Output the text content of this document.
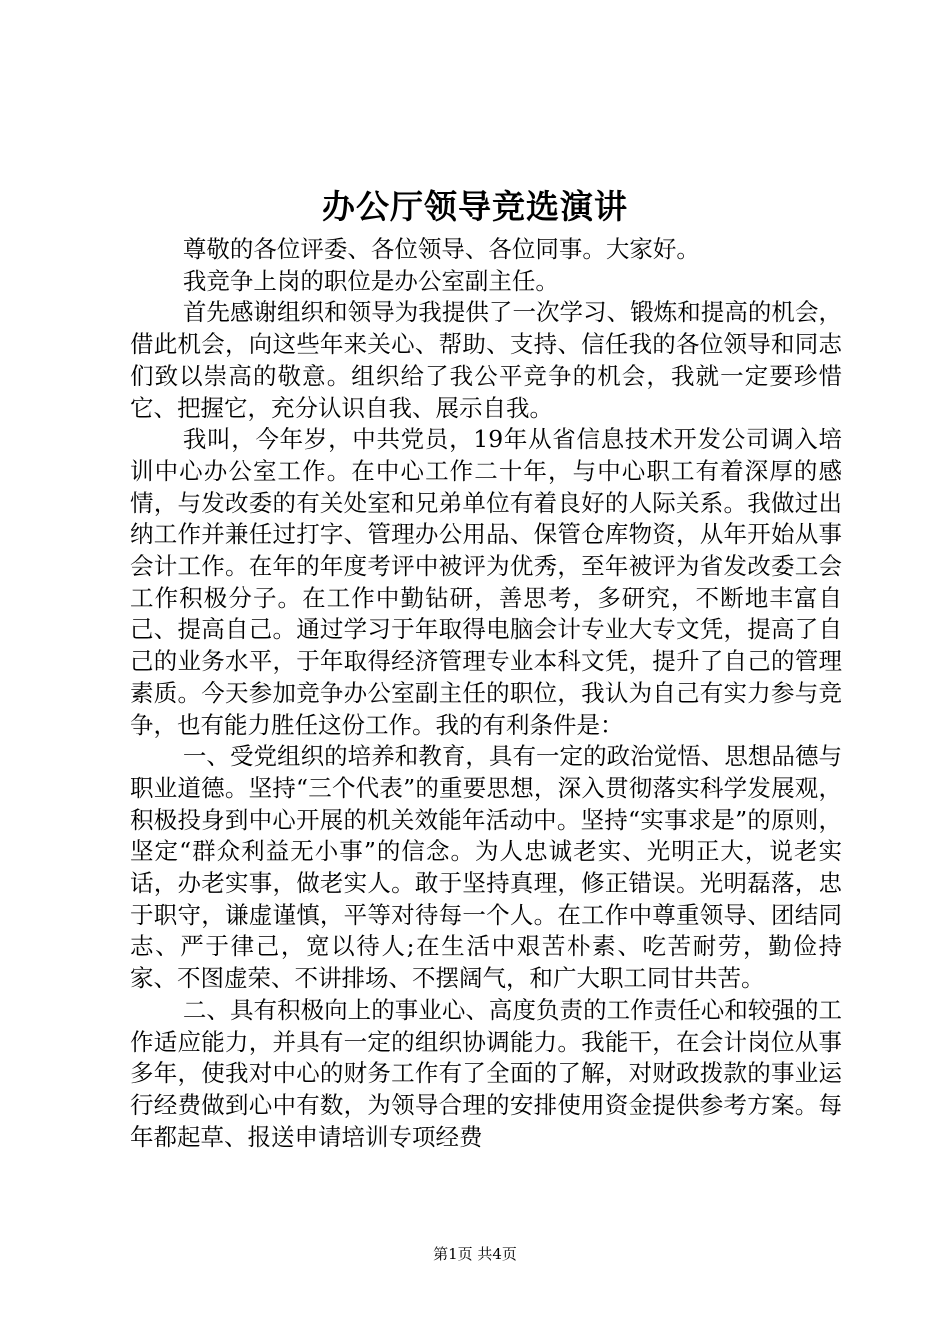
办公厅领导竞选演讲

尊敬的各位评委、各位领导、各位同事。大家好。

我竞争上岗的职位是办公室副主任。

首先感谢组织和领导为我提供了一次学习、锻炼和提高的机会，借此机会，向这些年来关心、帮助、支持、信任我的各位领导和同志们致以崇高的敬意。组织给了我公平竞争的机会，我就一定要珍惜它、把握它，充分认识自我、展示自我。

我叫，今年岁，中共党员，19年从省信息技术开发公司调入培训中心办公室工作。在中心工作二十年，与中心职工有着深厚的感情，与发改委的有关处室和兄弟单位有着良好的人际关系。我做过出纳工作并兼任过打字、管理办公用品、保管仓库物资，从年开始从事会计工作。在年的年度考评中被评为优秀，至年被评为省发改委工会工作积极分子。在工作中勤钻研，善思考，多研究，不断地丰富自己、提高自己。通过学习于年取得电脑会计专业大专文凭，提高了自己的业务水平，于年取得经济管理专业本科文凭，提升了自己的管理素质。今天参加竞争办公室副主任的职位，我认为自己有实力参与竞争，也有能力胜任这份工作。我的有利条件是：

一、受党组织的培养和教育，具有一定的政治觉悟、思想品德与职业道德。坚持“三个代表”的重要思想，深入贯彻落实科学发展观，积极投身到中心开展的机关效能年活动中。坚持“实事求是”的原则，坚定“群众利益无小事”的信念。为人忠诚老实、光明正大，说老实话，办老实事，做老实人。敢于坚持真理，修正错误。光明磊落，忠于职守，谦虚谨慎，平等对待每一个人。在工作中尊重领导、团结同志、严于律己，宽以待人;在生活中艰苦朴素、吃苦耐劳，勤俭持家、不图虚荣、不讲排场、不摆阔气，和广大职工同甘共苦。

二、具有积极向上的事业心、高度负责的工作责任心和较强的工作适应能力，并具有一定的组织协调能力。我能干，在会计岗位从事多年，使我对中心的财务工作有了全面的了解，对财政拨款的事业运行经费做到心中有数，为领导合理的安排使用资金提供参考方案。每年都起草、报送申请培训专项经费

第1页 共4页
